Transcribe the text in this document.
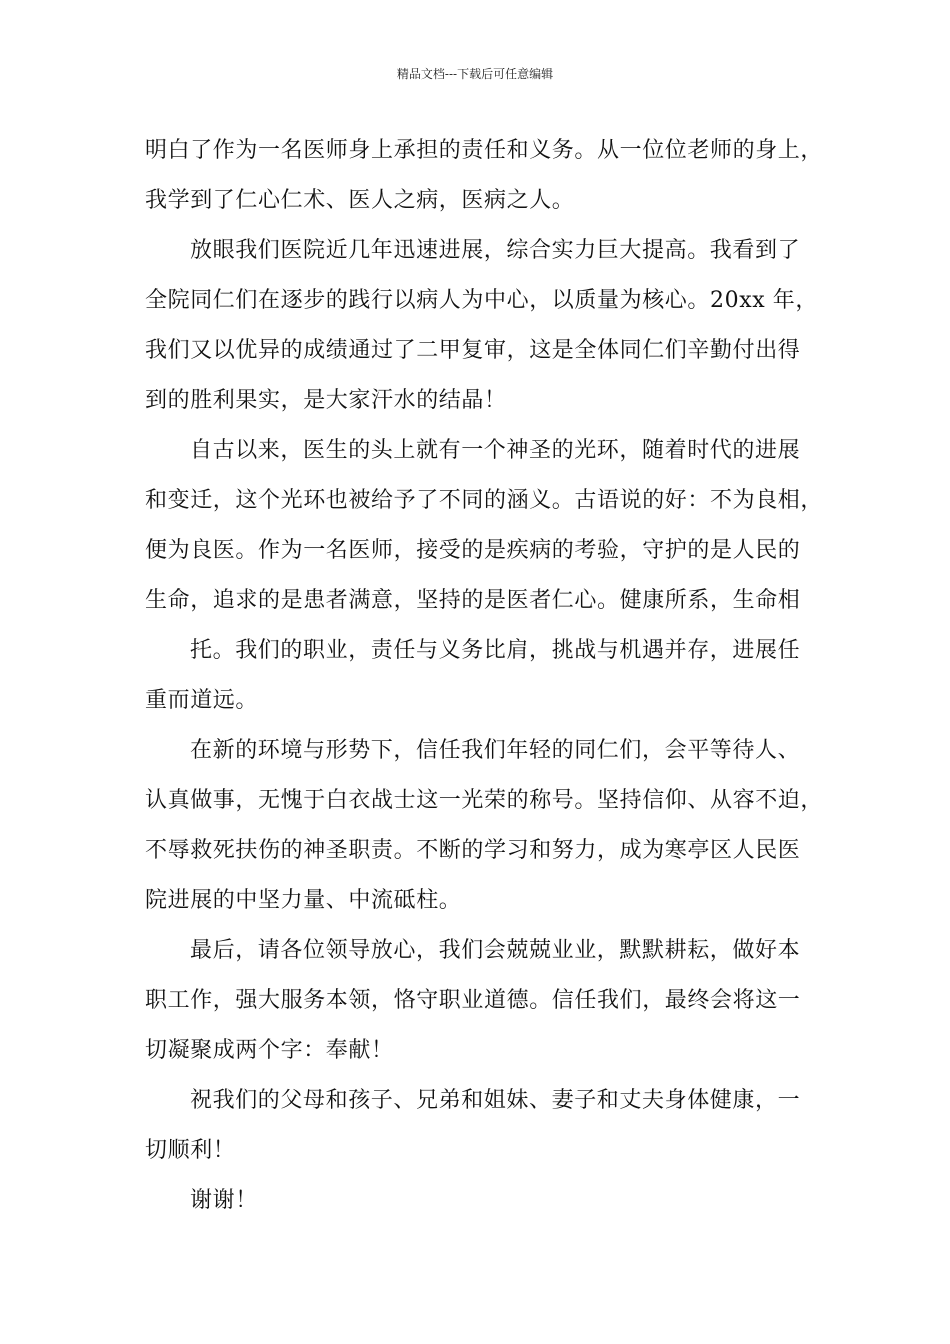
精品文档---下载后可任意编辑
明白了作为一名医师身上承担的责任和义务。从一位位老师的身上，
我学到了仁心仁术、医人之病，医病之人。
放眼我们医院近几年迅速进展，综合实力巨大提高。我看到了
全院同仁们在逐步的践行以病人为中心，以质量为核心。20xx 年，
我们又以优异的成绩通过了二甲复审，这是全体同仁们辛勤付出得
到的胜利果实，是大家汗水的结晶！
自古以来，医生的头上就有一个神圣的光环，随着时代的进展
和变迁，这个光环也被给予了不同的涵义。古语说的好：不为良相，
便为良医。作为一名医师，接受的是疾病的考验，守护的是人民的
生命，追求的是患者满意，坚持的是医者仁心。健康所系，生命相
托。我们的职业，责任与义务比肩，挑战与机遇并存，进展任
重而道远。
在新的环境与形势下，信任我们年轻的同仁们，会平等待人、
认真做事，无愧于白衣战士这一光荣的称号。坚持信仰、从容不迫，
不辱救死扶伤的神圣职责。不断的学习和努力，成为寒亭区人民医
院进展的中坚力量、中流砥柱。
最后，请各位领导放心，我们会兢兢业业，默默耕耘，做好本
职工作，强大服务本领，恪守职业道德。信任我们，最终会将这一
切凝聚成两个字：奉献！
祝我们的父母和孩子、兄弟和姐妹、妻子和丈夫身体健康，一
切顺利！
谢谢！
